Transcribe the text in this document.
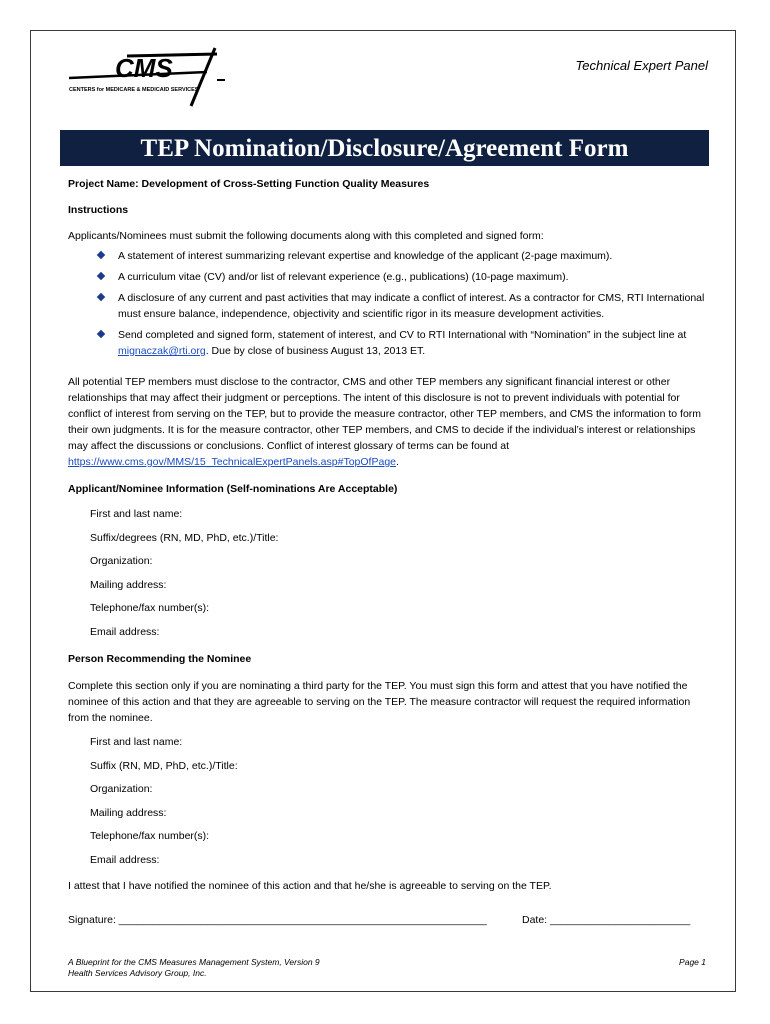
CMS
CENTERS for MEDICARE & MEDICAID SERVICES
Technical Expert Panel
TEP Nomination/Disclosure/Agreement Form
Project Name: Development of Cross-Setting Function Quality Measures
Instructions
Applicants/Nominees must submit the following documents along with this completed and signed form:
A statement of interest summarizing relevant expertise and knowledge of the applicant (2-page maximum).
A curriculum vitae (CV) and/or list of relevant experience (e.g., publications) (10-page maximum).
A disclosure of any current and past activities that may indicate a conflict of interest. As a contractor for CMS, RTI International must ensure balance, independence, objectivity and scientific rigor in its measure development activities.
Send completed and signed form, statement of interest, and CV to RTI International with “Nomination” in the subject line at mignaczak@rti.org. Due by close of business August 13, 2013 ET.
All potential TEP members must disclose to the contractor, CMS and other TEP members any significant financial interest or other relationships that may affect their judgment or perceptions. The intent of this disclosure is not to prevent individuals with potential for conflict of interest from serving on the TEP, but to provide the measure contractor, other TEP members, and CMS the information to form their own judgments. It is for the measure contractor, other TEP members, and CMS to decide if the individual’s interest or relationships may affect the discussions or conclusions. Conflict of interest glossary of terms can be found at https://www.cms.gov/MMS/15_TechnicalExpertPanels.asp#TopOfPage.
Applicant/Nominee Information (Self-nominations Are Acceptable)
First and last name:
Suffix/degrees (RN, MD, PhD, etc.)/Title:
Organization:
Mailing address:
Telephone/fax number(s):
Email address:
Person Recommending the Nominee
Complete this section only if you are nominating a third party for the TEP. You must sign this form and attest that you have notified the nominee of this action and that they are agreeable to serving on the TEP. The measure contractor will request the required information from the nominee.
First and last name:
Suffix (RN, MD, PhD, etc.)/Title:
Organization:
Mailing address:
Telephone/fax number(s):
Email address:
I attest that I have notified the nominee of this action and that he/she is agreeable to serving on the TEP.
Signature: _______________________________________________________________	Date: ________________________
A Blueprint for the CMS Measures Management System, Version 9
Health Services Advisory Group, Inc.
Page 1
